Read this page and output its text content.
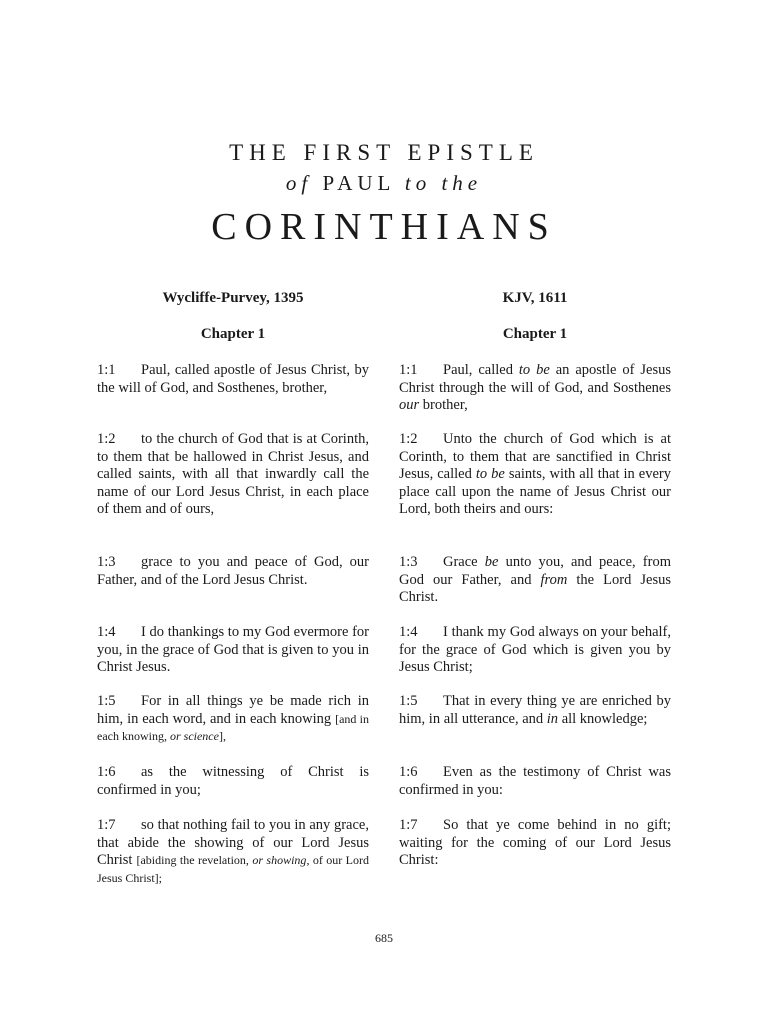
THE FIRST EPISTLE
of PAUL to the
CORINTHIANS

Wycliffe-Purvey, 1395

Chapter 1

1:1 Paul, called apostle of Jesus Christ, by the will of God, and Sosthenes, brother,

1:2 to the church of God that is at Corinth, to them that be hallowed in Christ Jesus, and called saints, with all that inwardly call the name of our Lord Jesus Christ, in each place of them and of ours,

1:3 grace to you and peace of God, our Father, and of the Lord Jesus Christ.

1:4 I do thankings to my God evermore for you, in the grace of God that is given to you in Christ Jesus.

1:5 For in all things ye be made rich in him, in each word, and in each knowing [and in each knowing, or science],

1:6 as the witnessing of Christ is confirmed in you;

1:7 so that nothing fail to you in any grace, that abide the showing of our Lord Jesus Christ [abiding the revelation, or showing, of our Lord Jesus Christ];

KJV, 1611

Chapter 1

1:1 Paul, called to be an apostle of Jesus Christ through the will of God, and Sosthenes our brother,

1:2 Unto the church of God which is at Corinth, to them that are sanctified in Christ Jesus, called to be saints, with all that in every place call upon the name of Jesus Christ our Lord, both theirs and ours:

1:3 Grace be unto you, and peace, from God our Father, and from the Lord Jesus Christ.

1:4 I thank my God always on your behalf, for the grace of God which is given you by Jesus Christ;

1:5 That in every thing ye are enriched by him, in all utterance, and in all knowledge;

1:6 Even as the testimony of Christ was confirmed in you:

1:7 So that ye come behind in no gift; waiting for the coming of our Lord Jesus Christ:

685
